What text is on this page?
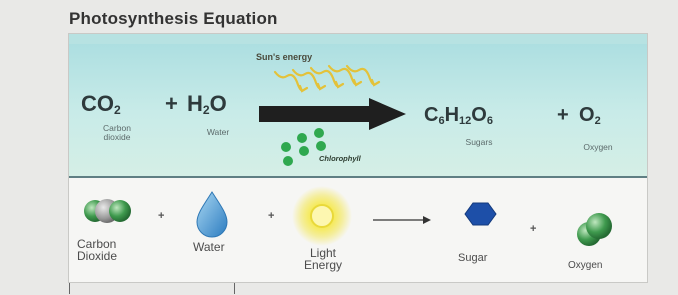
Photosynthesis Equation
Sun's energy
$CO_2 + H_2O$
Carbon
dioxide	Water
$C_6H_{12}O_6$	+ $O_2$
Sugars	Oxygen
Chlorophyll
+	+
+
Carbon
Dioxide
Water	Light
Energy	Sugar
Oxygen
